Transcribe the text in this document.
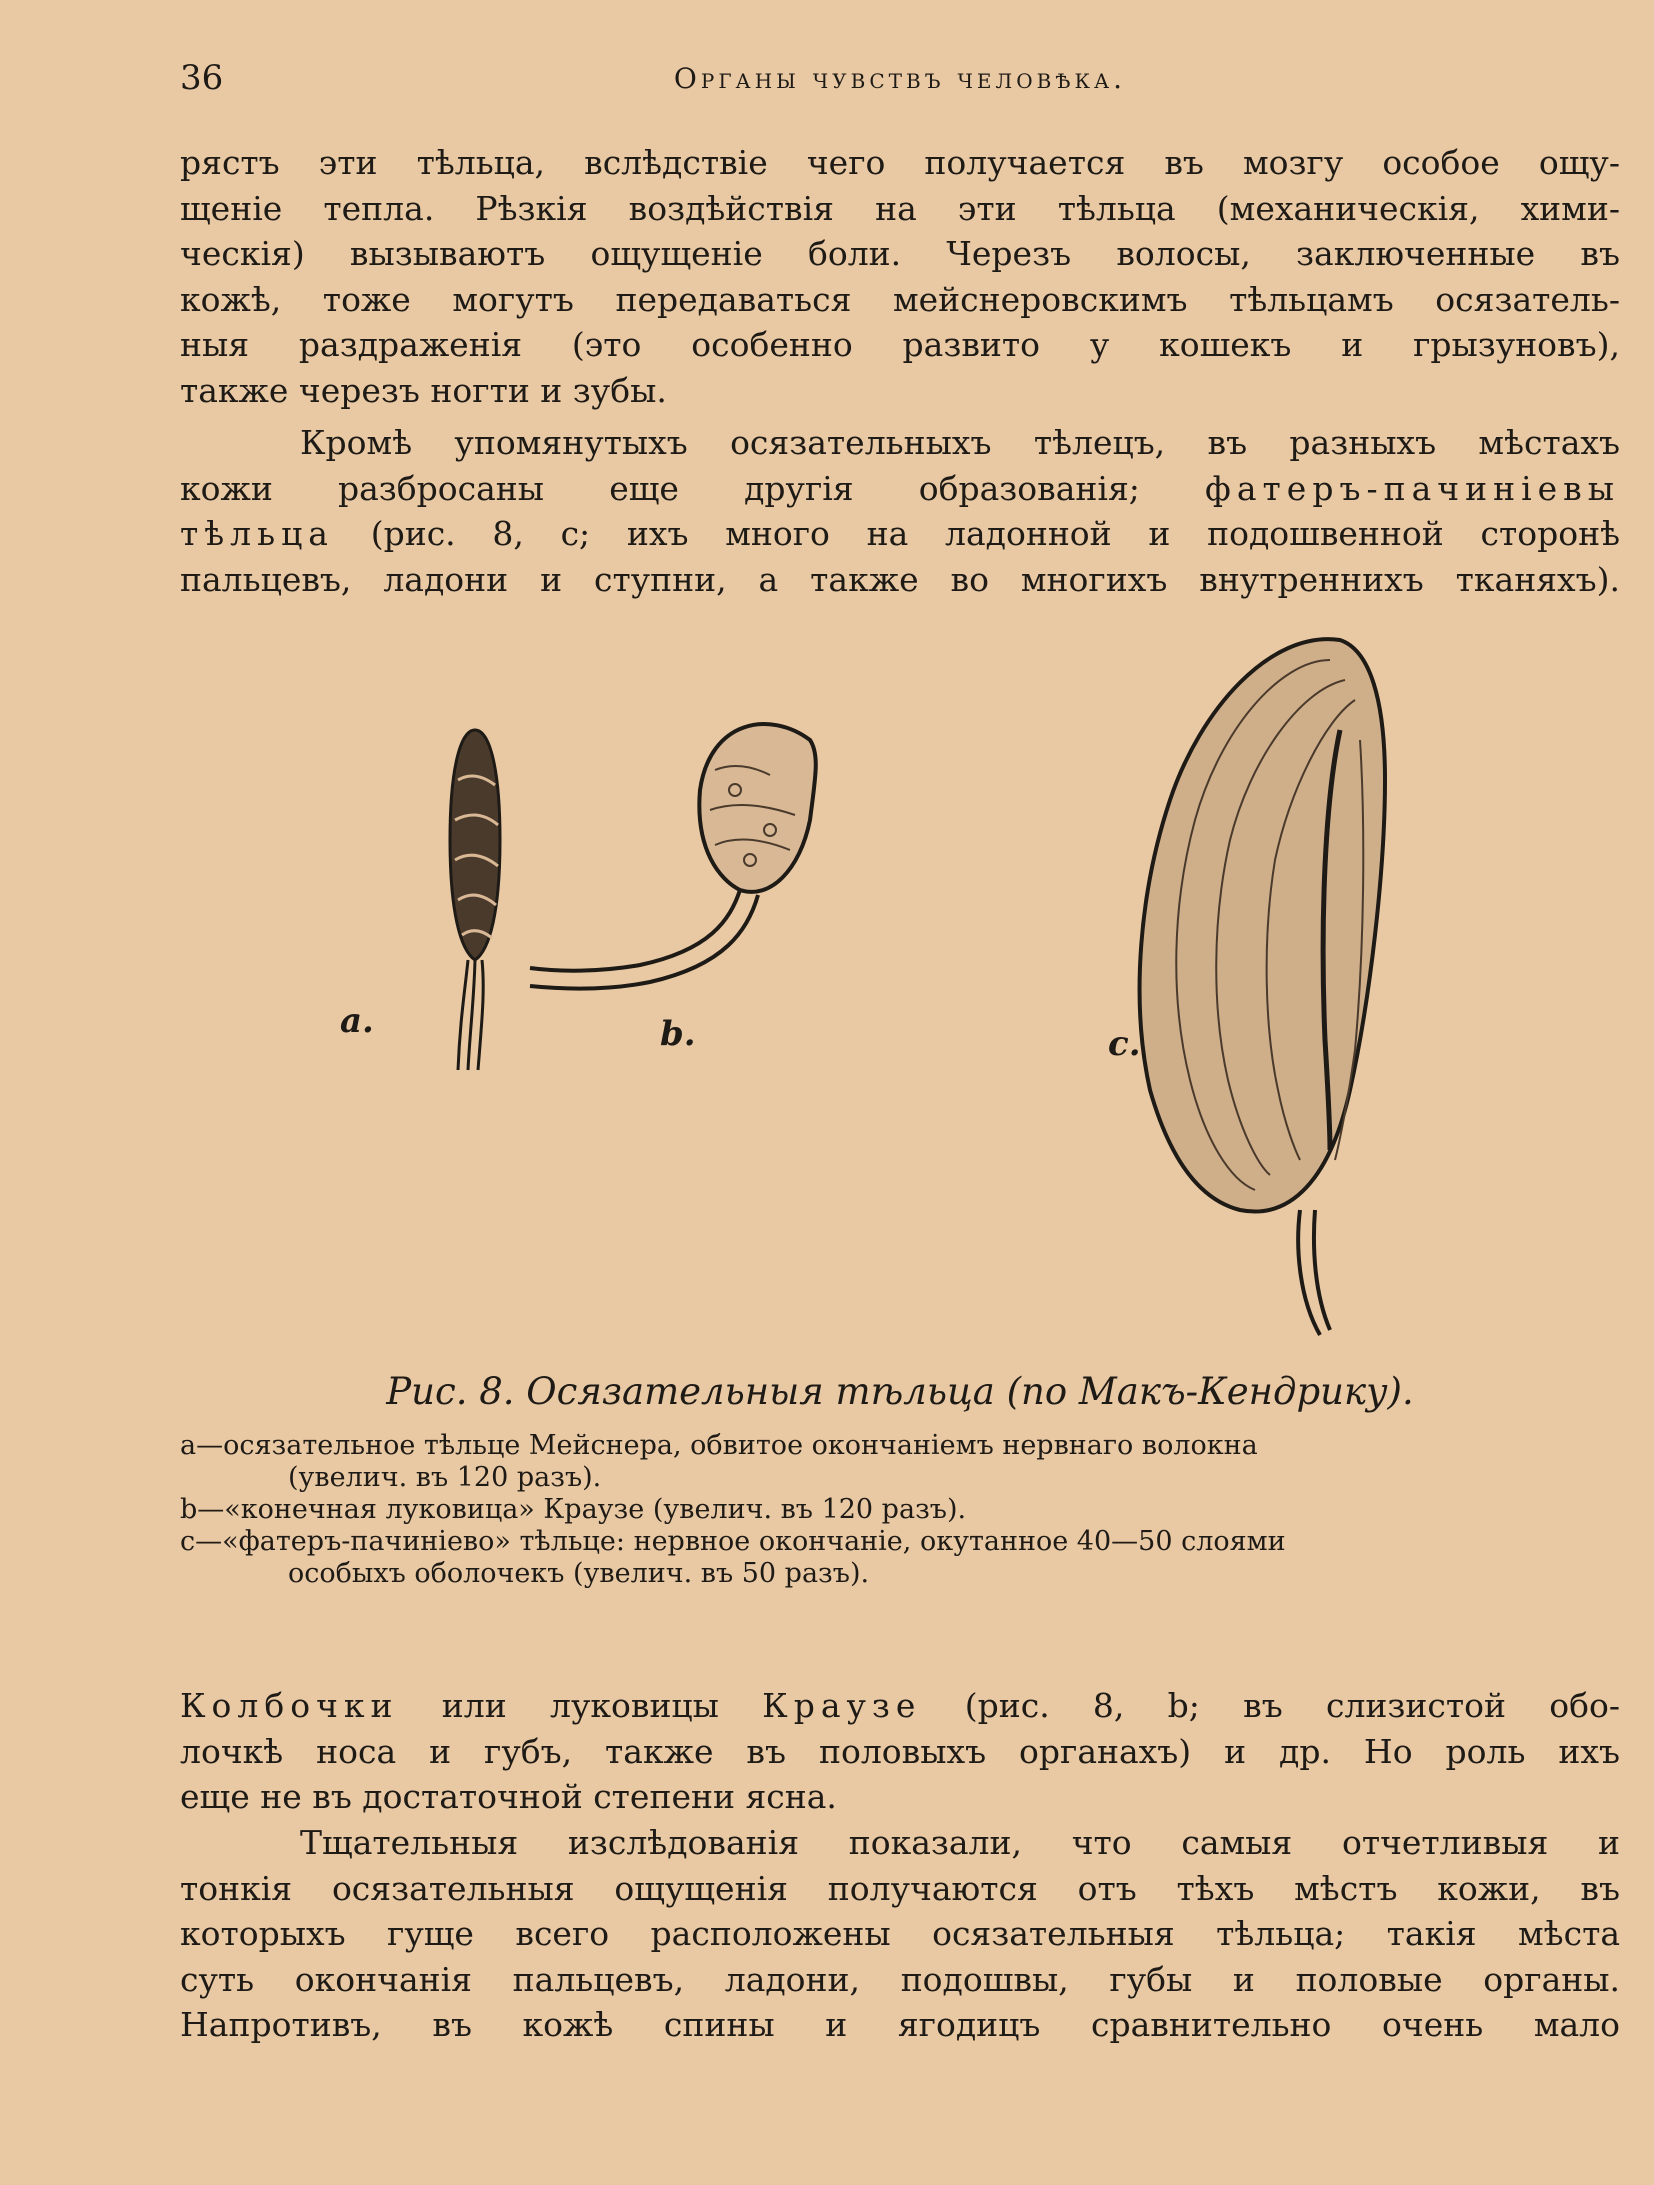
36	Органы чувствъ человѣка.
рястъ эти тѣльца, вслѣдствіе чего получается въ мозгу особое ощу-
щеніе тепла. Рѣзкія воздѣйствія на эти тѣльца (механическія, хими-
ческія) вызываютъ ощущеніе боли. Черезъ волосы, заключенные въ
кожѣ, тоже могутъ передаваться мейснеровскимъ тѣльцамъ осязатель-
ныя раздраженія (это особенно развито у кошекъ и грызуновъ),
также черезъ ногти и зубы.
Кромѣ упомянутыхъ осязательныхъ тѣлецъ, въ разныхъ мѣстахъ
кожи разбросаны еще другія образованія; фатеръ-пачиніевы
тѣльца (рис. 8, c; ихъ много на ладонной и подошвенной сторонѣ
пальцевъ, ладони и ступни, а также во многихъ внутреннихъ тканяхъ).
a.	b.	c.
Рис. 8. Осязательныя тѣльца (по Макъ-Кендрику).
a—осязательное тѣльце Мейснера, обвитое окончаніемъ нервнаго волокна
(увелич. въ 120 разъ).
b—«конечная луковица» Краузе (увелич. въ 120 разъ).
c—«фатеръ-пачиніево» тѣльце: нервное окончаніе, окутанное 40—50 слоями
особыхъ оболочекъ (увелич. въ 50 разъ).
Колбочки или луковицы Краузе (рис. 8, b; въ слизистой обо-
лочкѣ носа и губъ, также въ половыхъ органахъ) и др. Но роль ихъ
еще не въ достаточной степени ясна.
Тщательныя изслѣдованія показали, что самыя отчетливыя и
тонкія осязательныя ощущенія получаются отъ тѣхъ мѣстъ кожи, въ
которыхъ гуще всего расположены осязательныя тѣльца; такія мѣста
суть окончанія пальцевъ, ладони, подошвы, губы и половые органы.
Напротивъ, въ кожѣ спины и ягодицъ сравнительно очень мало
